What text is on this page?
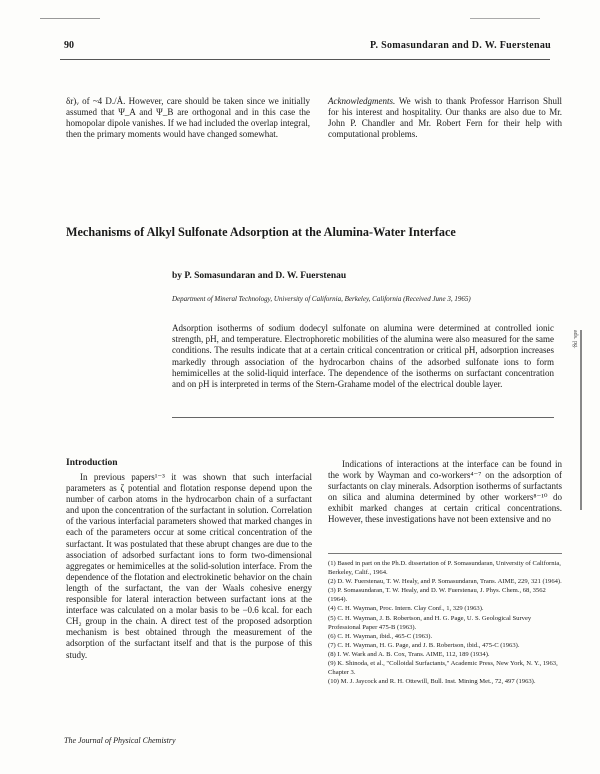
90	P. Somasundaran and D. W. Fuerstenau

δr)ᵥ of ~4 D./Å. However, care should be taken since we initially assumed that Ψ_A and Ψ_B are orthogonal and in this case the homopolar dipole vanishes. If we had included the overlap integral, then the primary moments would have changed somewhat.

Acknowledgments. We wish to thank Professor Harrison Shull for his interest and hospitality. Our thanks are also due to Mr. John P. Chandler and Mr. Robert Fern for their help with computational problems.

Mechanisms of Alkyl Sulfonate Adsorption at the Alumina-Water Interface
by P. Somasundaran and D. W. Fuerstenau
Department of Mineral Technology, University of California, Berkeley, California (Received June 3, 1965)
Adsorption isotherms of sodium dodecyl sulfonate on alumina were determined at controlled ionic strength, pH, and temperature. Electrophoretic mobilities of the alumina were also measured for the same conditions. The results indicate that at a certain critical concentration or critical pH, adsorption increases markedly through association of the hydrocarbon chains of the adsorbed sulfonate ions to form hemimicelles at the solid-liquid interface. The dependence of the isotherms on surfactant concentration and on pH is interpreted in terms of the Stern-Grahame model of the electrical double layer.
ads. pg.
Introduction

In previous papers¹⁻³ it was shown that such interfacial parameters as ζ potential and flotation response depend upon the number of carbon atoms in the hydrocarbon chain of a surfactant and upon the concentration of the surfactant in solution. Correlation of the various interfacial parameters showed that marked changes in each of the parameters occur at some critical concentration of the surfactant. It was postulated that these abrupt changes are due to the association of adsorbed surfactant ions to form two-dimensional aggregates or hemimicelles at the solid-solution interface. From the dependence of the flotation and electrokinetic behavior on the chain length of the surfactant, the van der Waals cohesive energy responsible for lateral interaction between surfactant ions at the interface was calculated on a molar basis to be −0.6 kcal. for each CH₂ group in the chain. A direct test of the proposed adsorption mechanism is best obtained through the measurement of the adsorption of the surfactant itself and that is the purpose of this study.

Indications of interactions at the interface can be found in the work by Wayman and co-workers⁴⁻⁷ on the adsorption of surfactants on clay minerals. Adsorption isotherms of surfactants on silica and alumina determined by other workers⁸⁻¹⁰ do exhibit marked changes at certain critical concentrations. However, these investigations have not been extensive and no

(1) Based in part on the Ph.D. dissertation of P. Somasundaran, University of California, Berkeley, Calif., 1964.
(2) D. W. Fuerstenau, T. W. Healy, and P. Somasundaran, Trans. AIME, 229, 321 (1964).
(3) P. Somasundaran, T. W. Healy, and D. W. Fuerstenau, J. Phys. Chem., 68, 3562 (1964).
(4) C. H. Wayman, Proc. Intern. Clay Conf., 1, 329 (1963).
(5) C. H. Wayman, J. B. Robertson, and H. G. Page, U. S. Geological Survey Professional Paper 475-B (1963).
(6) C. H. Wayman, ibid., 465-C (1963).
(7) C. H. Wayman, H. G. Page, and J. B. Robertson, ibid., 475-C (1963).
(8) I. W. Wark and A. B. Cox, Trans. AIME, 112, 189 (1934).
(9) K. Shinoda, et al., "Colloidal Surfactants," Academic Press, New York, N. Y., 1963, Chapter 3.
(10) M. J. Jaycock and R. H. Ottewill, Bull. Inst. Mining Met., 72, 497 (1963).
The Journal of Physical Chemistry
